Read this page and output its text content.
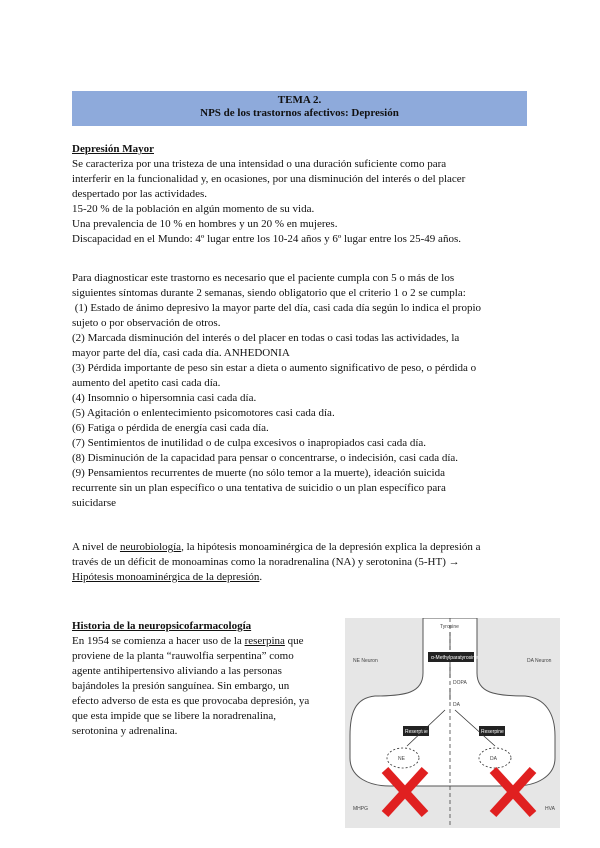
TEMA 2.
NPS de los trastornos afectivos: Depresión

Depresión Mayor

Se caracteriza por una tristeza de una intensidad o una duración suficiente como para

interferir en la funcionalidad y, en ocasiones, por una disminución del interés o del placer

despertado por las actividades.

15-20 % de la población en algún momento de su vida.

Una prevalencia de 10 % en hombres y un 20 % en mujeres.

Discapacidad en el Mundo: 4º lugar entre los 10-24 años y 6º lugar entre los 25-49 años.

Para diagnosticar este trastorno es necesario que el paciente cumpla con 5 o más de los
siguientes síntomas durante 2 semanas, siendo obligatorio que el criterio 1 o 2 se cumpla:
(1) Estado de ánimo depresivo la mayor parte del día, casi cada día según lo indica el propio
sujeto o por observación de otros.
(2) Marcada disminución del interés o del placer en todas o casi todas las actividades, la
mayor parte del día, casi cada día. ANHEDONIA
(3) Pérdida importante de peso sin estar a dieta o aumento significativo de peso, o pérdida o
aumento del apetito casi cada día.
(4) Insomnio o hipersomnia casi cada día.
(5) Agitación o enlentecimiento psicomotores casi cada día.
(6) Fatiga o pérdida de energía casi cada día.
(7) Sentimientos de inutilidad o de culpa excesivos o inapropiados casi cada día.
(8) Disminución de la capacidad para pensar o concentrarse, o indecisión, casi cada día.
(9) Pensamientos recurrentes de muerte (no sólo temor a la muerte), ideación suicida
recurrente sin un plan específico o una tentativa de suicidio o un plan específico para
suicidarse
A nivel de neurobiología, la hipótesis monoaminérgica de la depresión explica la depresión a
través de un déficit de monoaminas como la noradrenalina (NA) y serotonina (5-HT) →
Hipótesis monoaminérgica de la depresión.

Historia de la neuropsicofarmacología

En 1954 se comienza a hacer uso de la reserpina que
proviene de la planta “rauwolfia serpentina” como
agente antihipertensivo aliviando a las personas
bajándoles la presión sanguínea. Sin embargo, un
efecto adverso de esta es que provocaba depresión, ya
que esta impide que se libere la noradrenalina,
serotonina y adrenalina.
Tyrosine
α-Methylparatyrosine
DOPA
DA
NE Neuron	DA Neuron
Reserpine	Reserpine
NE	DA
MHPG	HVA
